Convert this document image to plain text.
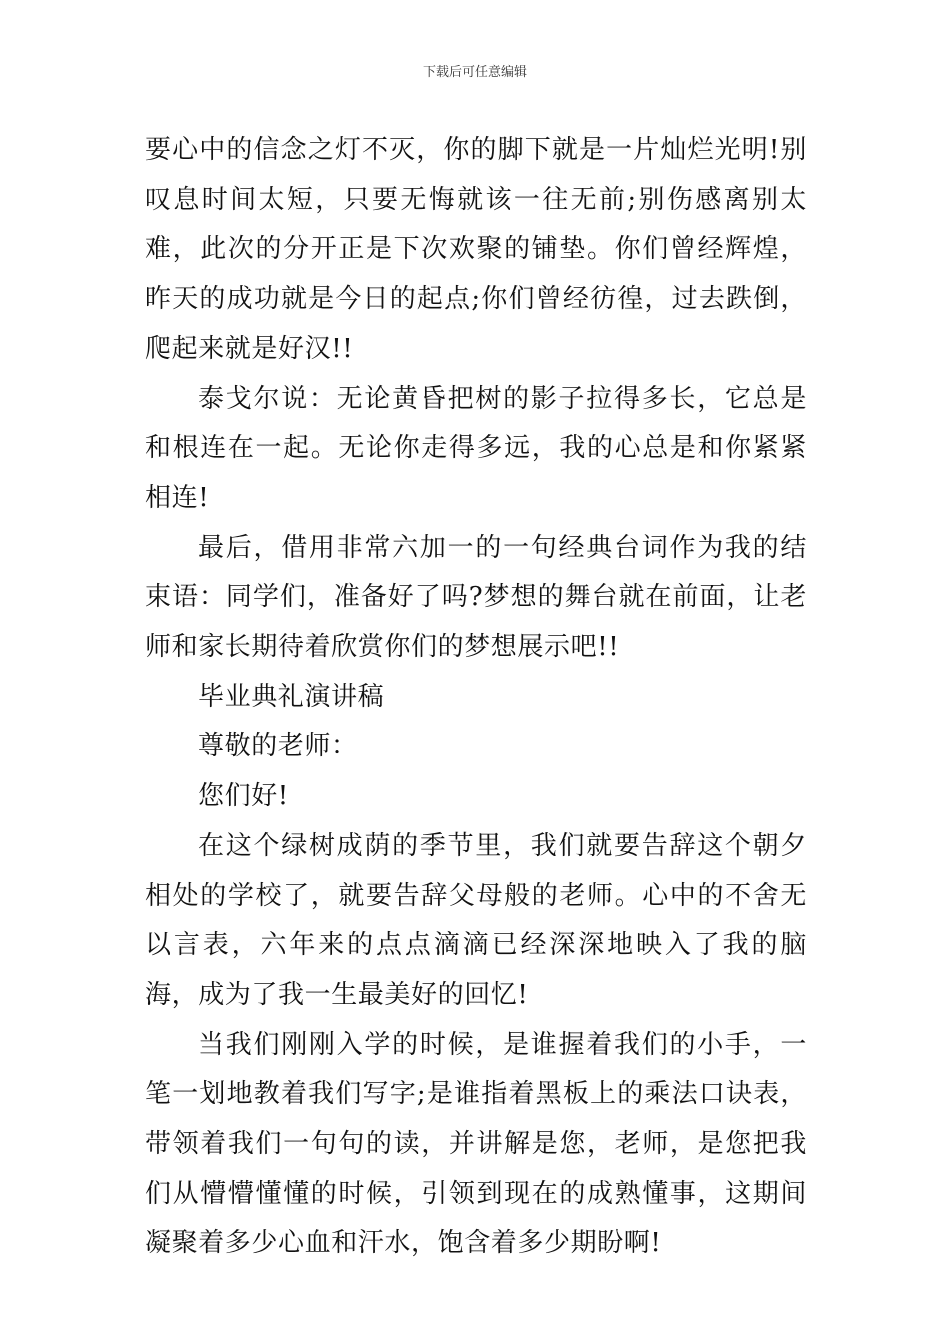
下载后可任意编辑

要心中的信念之灯不灭，你的脚下就是一片灿烂光明!别叹息时间太短，只要无悔就该一往无前;别伤感离别太难，此次的分开正是下次欢聚的铺垫。你们曾经辉煌，昨天的成功就是今日的起点;你们曾经彷徨，过去跌倒，爬起来就是好汉!!

泰戈尔说：无论黄昏把树的影子拉得多长，它总是和根连在一起。无论你走得多远，我的心总是和你紧紧相连!

最后，借用非常六加一的一句经典台词作为我的结束语：同学们，准备好了吗?梦想的舞台就在前面，让老师和家长期待着欣赏你们的梦想展示吧!!

毕业典礼演讲稿

尊敬的老师：

您们好!

在这个绿树成荫的季节里，我们就要告辞这个朝夕相处的学校了，就要告辞父母般的老师。心中的不舍无以言表，六年来的点点滴滴已经深深地映入了我的脑海，成为了我一生最美好的回忆!

当我们刚刚入学的时候，是谁握着我们的小手，一笔一划地教着我们写字;是谁指着黑板上的乘法口诀表，带领着我们一句句的读，并讲解是您，老师，是您把我们从懵懵懂懂的时候，引领到现在的成熟懂事，这期间凝聚着多少心血和汗水，饱含着多少期盼啊!
